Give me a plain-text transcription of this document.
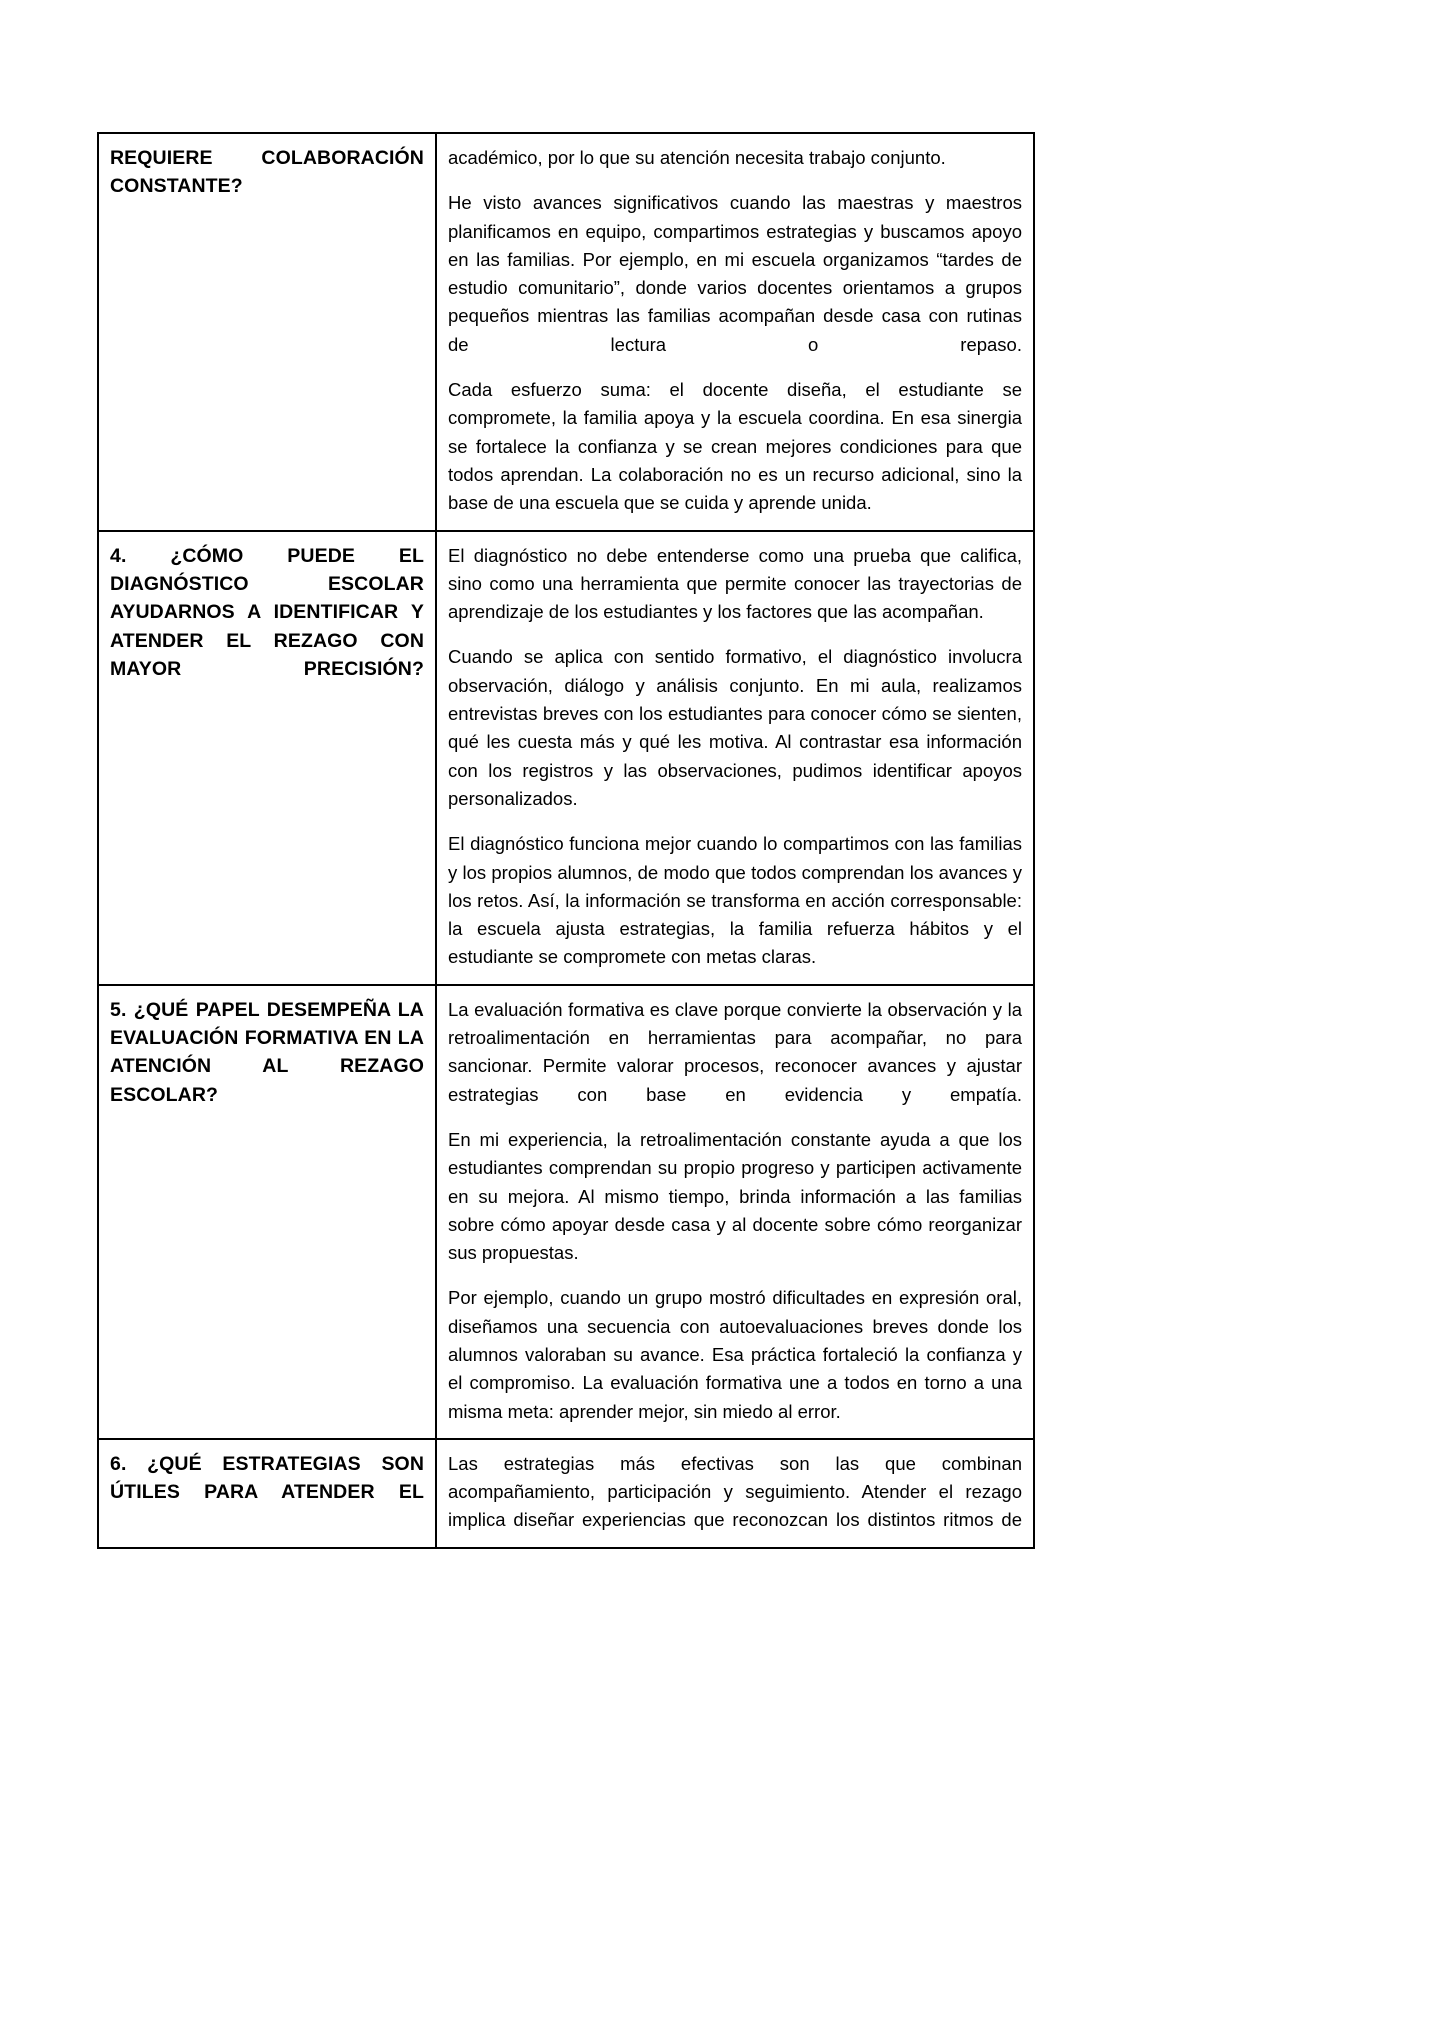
REQUIERE COLABORACIÓN CONSTANTE?	académico, por lo que su atención necesita trabajo conjunto.

He visto avances significativos cuando las maestras y maestros planificamos en equipo, compartimos estrategias y buscamos apoyo en las familias. Por ejemplo, en mi escuela organizamos “tardes de estudio comunitario”, donde varios docentes orientamos a grupos pequeños mientras las familias acompañan desde casa con rutinas de lectura o repaso.

Cada esfuerzo suma: el docente diseña, el estudiante se compromete, la familia apoya y la escuela coordina. En esa sinergia se fortalece la confianza y se crean mejores condiciones para que todos aprendan. La colaboración no es un recurso adicional, sino la base de una escuela que se cuida y aprende unida.

4. ¿CÓMO PUEDE EL DIAGNÓSTICO ESCOLAR AYUDARNOS A IDENTIFICAR Y ATENDER EL REZAGO CON MAYOR PRECISIÓN?	El diagnóstico no debe entenderse como una prueba que califica, sino como una herramienta que permite conocer las trayectorias de aprendizaje de los estudiantes y los factores que las acompañan.

Cuando se aplica con sentido formativo, el diagnóstico involucra observación, diálogo y análisis conjunto. En mi aula, realizamos entrevistas breves con los estudiantes para conocer cómo se sienten, qué les cuesta más y qué les motiva. Al contrastar esa información con los registros y las observaciones, pudimos identificar apoyos personalizados.

El diagnóstico funciona mejor cuando lo compartimos con las familias y los propios alumnos, de modo que todos comprendan los avances y los retos. Así, la información se transforma en acción corresponsable: la escuela ajusta estrategias, la familia refuerza hábitos y el estudiante se compromete con metas claras.

5. ¿QUÉ PAPEL DESEMPEÑA LA EVALUACIÓN FORMATIVA EN LA ATENCIÓN AL REZAGO ESCOLAR?	La evaluación formativa es clave porque convierte la observación y la retroalimentación en herramientas para acompañar, no para sancionar. Permite valorar procesos, reconocer avances y ajustar estrategias con base en evidencia y empatía.

En mi experiencia, la retroalimentación constante ayuda a que los estudiantes comprendan su propio progreso y participen activamente en su mejora. Al mismo tiempo, brinda información a las familias sobre cómo apoyar desde casa y al docente sobre cómo reorganizar sus propuestas.

Por ejemplo, cuando un grupo mostró dificultades en expresión oral, diseñamos una secuencia con autoevaluaciones breves donde los alumnos valoraban su avance. Esa práctica fortaleció la confianza y el compromiso. La evaluación formativa une a todos en torno a una misma meta: aprender mejor, sin miedo al error.

6. ¿QUÉ ESTRATEGIAS SON ÚTILES PARA ATENDER EL	Las estrategias más efectivas son las que combinan acompañamiento, participación y seguimiento. Atender el rezago implica diseñar experiencias que reconozcan los distintos ritmos de
